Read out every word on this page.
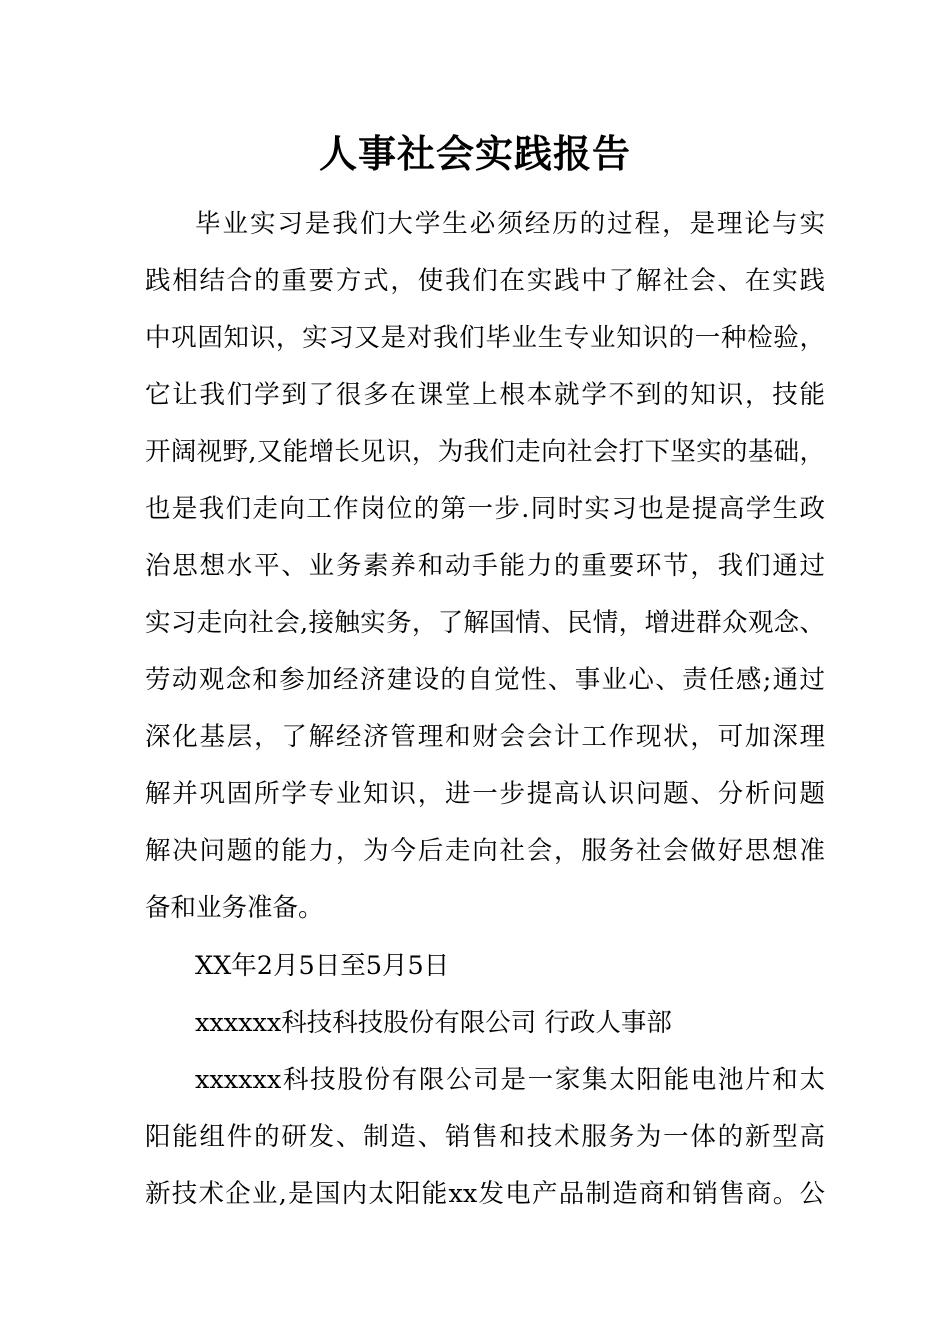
人事社会实践报告
毕业实习是我们大学生必须经历的过程，是理论与实
践相结合的重要方式，使我们在实践中了解社会、在实践
中巩固知识，实习又是对我们毕业生专业知识的一种检验，
它让我们学到了很多在课堂上根本就学不到的知识，技能
开阔视野,又能增长见识，为我们走向社会打下坚实的基础，
也是我们走向工作岗位的第一步.同时实习也是提高学生政
治思想水平、业务素养和动手能力的重要环节，我们通过
实习走向社会,接触实务，了解国情、民情，增进群众观念、
劳动观念和参加经济建设的自觉性、事业心、责任感;通过
深化基层，了解经济管理和财会会计工作现状，可加深理
解并巩固所学专业知识，进一步提高认识问题、分析问题
解决问题的能力，为今后走向社会，服务社会做好思想准
备和业务准备。
XX年2月5日至5月5日
xxxxxx科技科技股份有限公司 行政人事部
xxxxxx科技股份有限公司是一家集太阳能电池片和太
阳能组件的研发、制造、销售和技术服务为一体的新型高
新技术企业,是国内太阳能xx发电产品制造商和销售商。公
